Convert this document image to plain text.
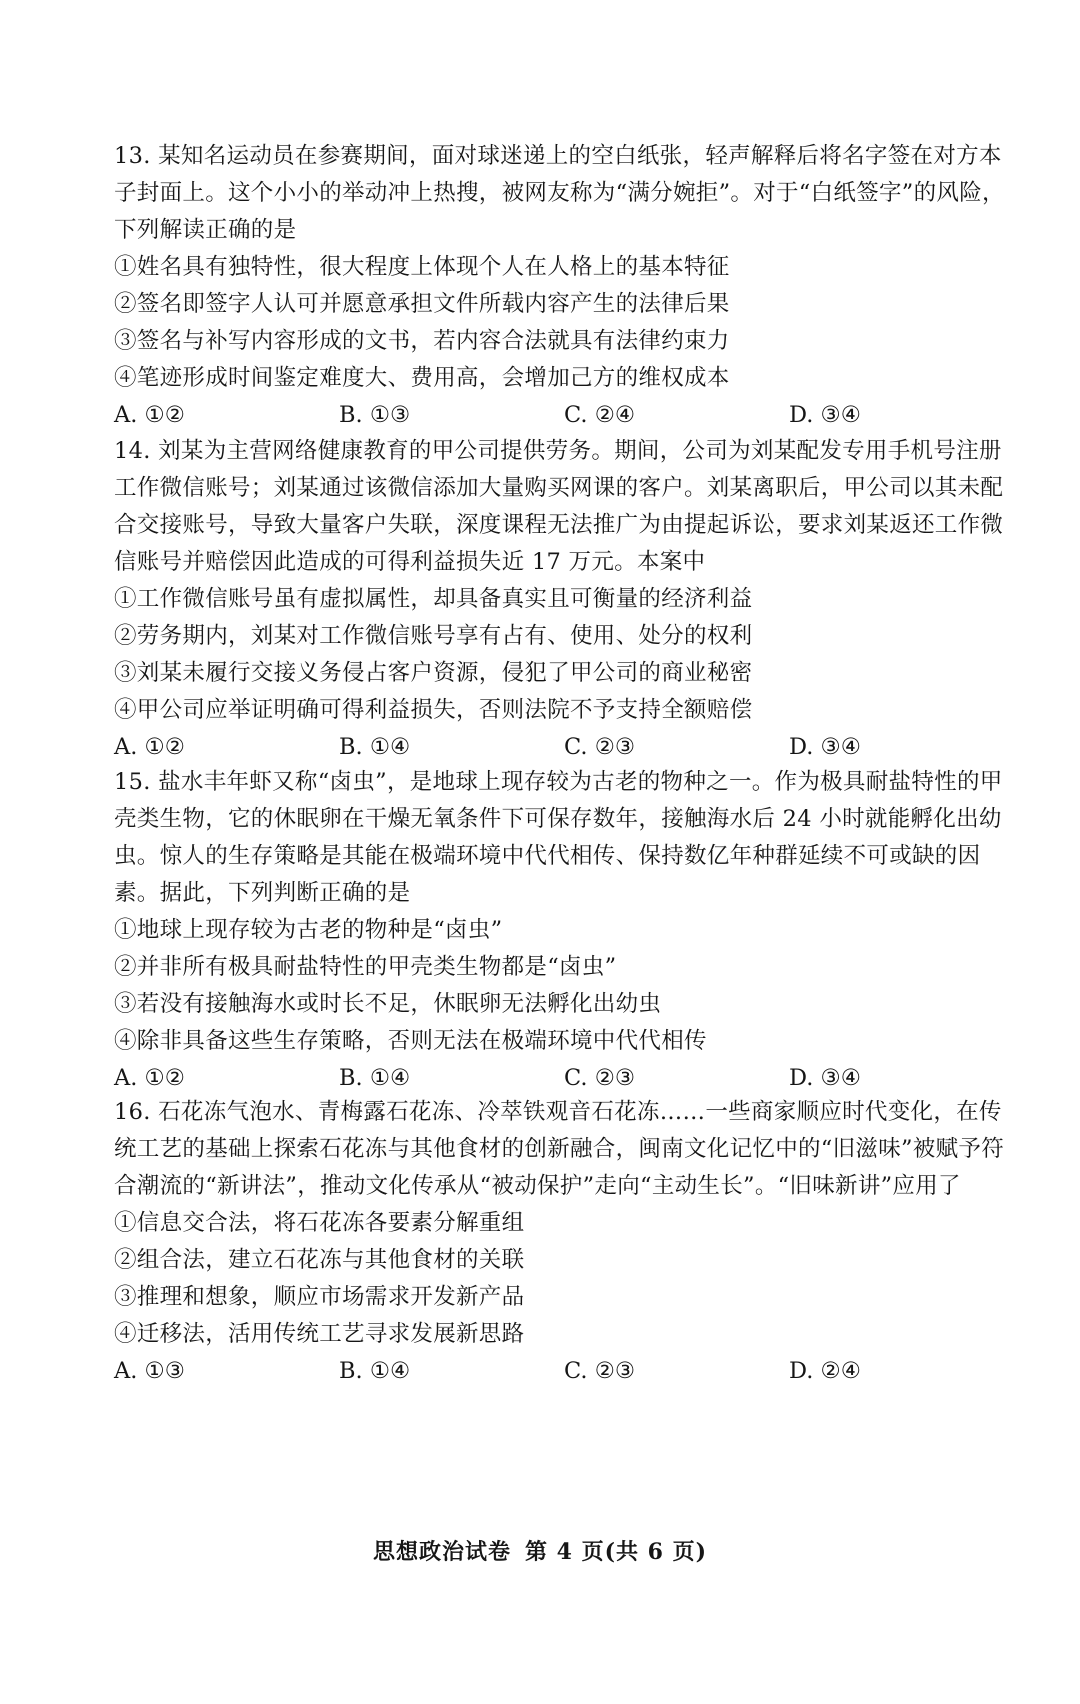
13. 某知名运动员在参赛期间，面对球迷递上的空白纸张，轻声解释后将名字签在对方本子封面上。这个小小的举动冲上热搜，被网友称为“满分婉拒”。对于“白纸签字”的风险，下列解读正确的是

①姓名具有独特性，很大程度上体现个人在人格上的基本特征

②签名即签字人认可并愿意承担文件所载内容产生的法律后果

③签名与补写内容形成的文书，若内容合法就具有法律约束力

④笔迹形成时间鉴定难度大、费用高，会增加己方的维权成本

A. ①②	B. ①③	C. ②④	D. ③④

14. 刘某为主营网络健康教育的甲公司提供劳务。期间，公司为刘某配发专用手机号注册工作微信账号；刘某通过该微信添加大量购买网课的客户。刘某离职后，甲公司以其未配合交接账号，导致大量客户失联，深度课程无法推广为由提起诉讼，要求刘某返还工作微信账号并赔偿因此造成的可得利益损失近 17 万元。本案中

①工作微信账号虽有虚拟属性，却具备真实且可衡量的经济利益

②劳务期内，刘某对工作微信账号享有占有、使用、处分的权利

③刘某未履行交接义务侵占客户资源，侵犯了甲公司的商业秘密

④甲公司应举证明确可得利益损失，否则法院不予支持全额赔偿

A. ①②	B. ①④	C. ②③	D. ③④

15. 盐水丰年虾又称“卤虫”，是地球上现存较为古老的物种之一。作为极具耐盐特性的甲壳类生物，它的休眠卵在干燥无氧条件下可保存数年，接触海水后 24 小时就能孵化出幼虫。惊人的生存策略是其能在极端环境中代代相传、保持数亿年种群延续不可或缺的因素。据此，下列判断正确的是

①地球上现存较为古老的物种是“卤虫”

②并非所有极具耐盐特性的甲壳类生物都是“卤虫”

③若没有接触海水或时长不足，休眠卵无法孵化出幼虫

④除非具备这些生存策略，否则无法在极端环境中代代相传

A. ①②	B. ①④	C. ②③	D. ③④

16. 石花冻气泡水、青梅露石花冻、冷萃铁观音石花冻……一些商家顺应时代变化，在传统工艺的基础上探索石花冻与其他食材的创新融合，闽南文化记忆中的“旧滋味”被赋予符合潮流的“新讲法”，推动文化传承从“被动保护”走向“主动生长”。“旧味新讲”应用了

①信息交合法，将石花冻各要素分解重组

②组合法，建立石花冻与其他食材的关联

③推理和想象，顺应市场需求开发新产品

④迁移法，活用传统工艺寻求发展新思路

A. ①③	B. ①④	C. ②③	D. ②④
思想政治试卷 第 4 页(共 6 页)
